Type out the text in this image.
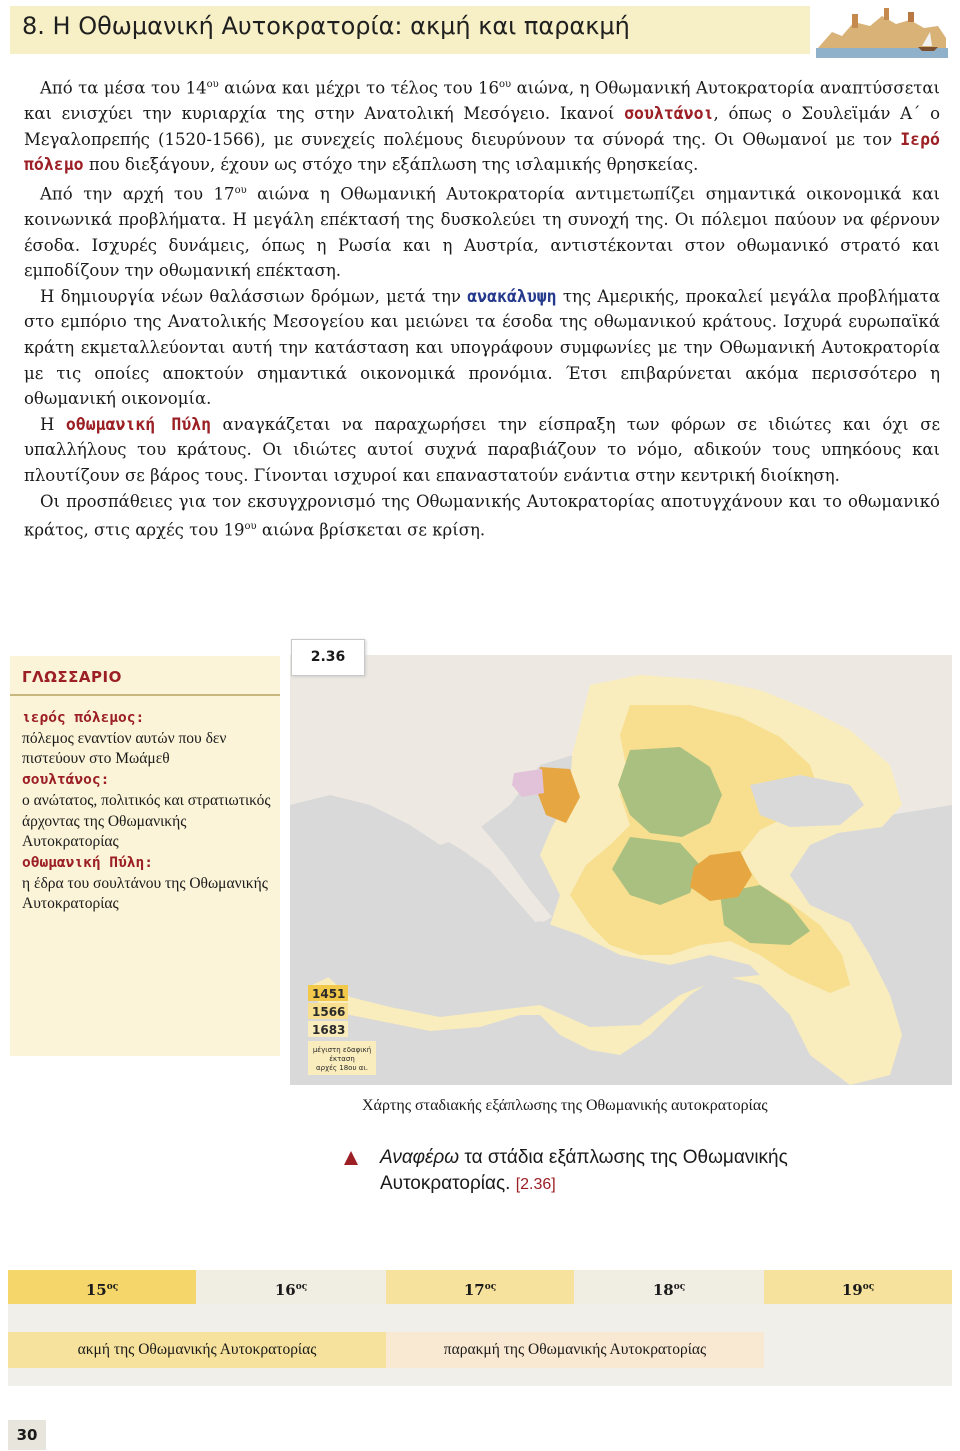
8. Η Οθωμανική Αυτοκρατορία: ακμή και παρακμή

Από τα μέσα του $14^{o\upsilon}$ αιώνα και μέχρι το τέλος του $16^{o\upsilon}$ αιώνα, η Οθωμανική Αυτοκρατορία αναπτύσσεται και ενισχύει την κυριαρχία της στην Ανατολική Μεσόγειο. Ικανοί σουλτάνοι, όπως ο Σουλεϊμάν Α΄ ο Μεγαλοπρεπής (1520-1566), με συνεχείς πολέμους διευρύνουν τα σύνορά της. Οι Οθωμανοί με τον Ιερό πόλεμο που διεξάγουν, έχουν ως στόχο την εξάπλωση της ισλαμικής θρησκείας.

Από την αρχή του $17^{o\upsilon}$ αιώνα η Οθωμανική Αυτοκρατορία αντιμετωπίζει σημαντικά οικονομικά και κοινωνικά προβλήματα. Η μεγάλη επέκτασή της δυσκολεύει τη συνοχή της. Οι πόλεμοι παύουν να φέρνουν έσοδα. Ισχυρές δυνάμεις, όπως η Ρωσία και η Αυστρία, αντιστέκονται στον οθωμανικό στρατό και εμποδίζουν την οθωμανική επέκταση.

Η δημιουργία νέων θαλάσσιων δρόμων, μετά την ανακάλυψη της Αμερικής, προκαλεί μεγάλα προβλήματα στο εμπόριο της Ανατολικής Μεσογείου και μειώνει τα έσοδα της οθωμανικού κράτους. Ισχυρά ευρωπαϊκά κράτη εκμεταλλεύονται αυτή την κατάσταση και υπογράφουν συμφωνίες με την Οθωμανική Αυτοκρατορία με τις οποίες αποκτούν σημαντικά οικονομικά προνόμια. Έτσι επιβαρύνεται ακόμα περισσότερο η οθωμανική οικονομία.

Η οθωμανική Πύλη αναγκάζεται να παραχωρήσει την είσπραξη των φόρων σε ιδιώτες και όχι σε υπαλλήλους του κράτους. Οι ιδιώτες αυτοί συχνά παραβιάζουν το νόμο, αδικούν τους υπηκόους και πλουτίζουν σε βάρος τους. Γίνονται ισχυροί και επαναστατούν ενάντια στην κεντρική διοίκηση.

Οι προσπάθειες για τον εκσυγχρονισμό της Οθωμανικής Αυτοκρατορίας αποτυγχάνουν και το οθωμανικό κράτος, στις αρχές του $19^{o\upsilon}$ αιώνα βρίσκεται σε κρίση.

ΓΛΩΣΣΑΡΙΟ
ιερός πόλεμος:
πόλεμος εναντίον αυτών που δεν πιστεύουν στο Μωάμεθ
σουλτάνος:
ο ανώτατος, πολιτικός και στρατιωτικός άρχοντας της Οθωμανικής Αυτοκρατορίας
οθωμανική Πύλη:
η έδρα του σουλτάνου της Οθωμανικής Αυτοκρατορίας
2.36
1451
1566
1683
μέγιστη εδαφική
έκταση
αρχές 18ου αι.
Χάρτης σταδιακής εξάπλωσης της Οθωμανικής αυτοκρατορίας
Αναφέρω τα στάδια εξάπλωσης της Οθωμανικής Αυτοκρατορίας. [2.36]
$15^{o\varsigma}$	$16^{o\varsigma}$	$17^{o\varsigma}$	$18^{o\varsigma}$	$19^{o\varsigma}$
ακμή της Οθωμανικής Αυτοκρατορίας	παρακμή της Οθωμανικής Αυτοκρατορίας
30
